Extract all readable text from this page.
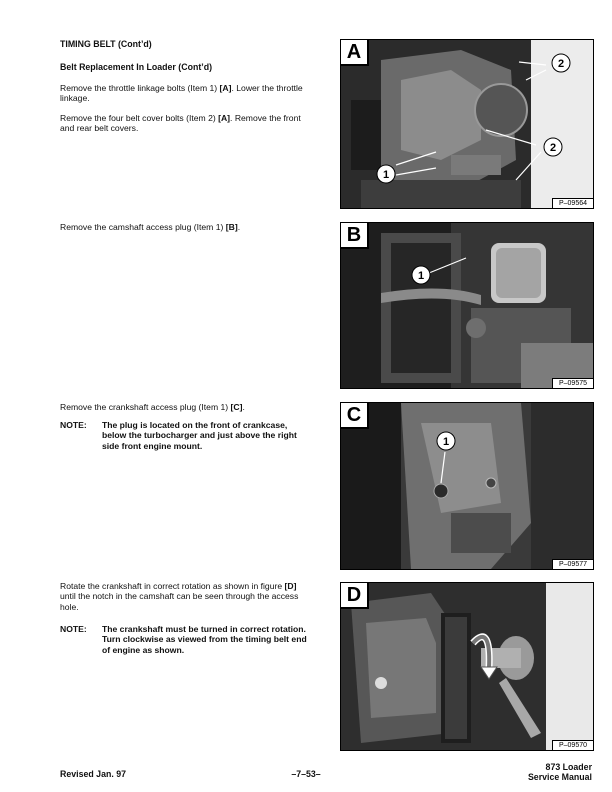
TIMING BELT (Cont’d)
Belt Replacement In Loader (Cont’d)
Remove the throttle linkage bolts (Item 1) [A]. Lower the throttle linkage.
Remove the four belt cover bolts (Item 2) [A]. Remove the front and rear belt covers.
Remove the camshaft access plug (Item 1) [B].
Remove the crankshaft access plug (Item 1) [C].
NOTE: The plug is located on the front of crankcase, below the turbocharger and just above the right side front engine mount.
Rotate the crankshaft in correct rotation as shown in figure [D] until the notch in the camshaft can be seen through the access hole.
NOTE: The crankshaft must be turned in correct rotation. Turn clockwise as viewed from the timing belt end of engine as shown.
1
2
2
A
P–09564
1
B
P–09575
1
C
P–09577
D
P–09570
Revised Jan. 97	–7–53–
873 Loader
Service Manual
